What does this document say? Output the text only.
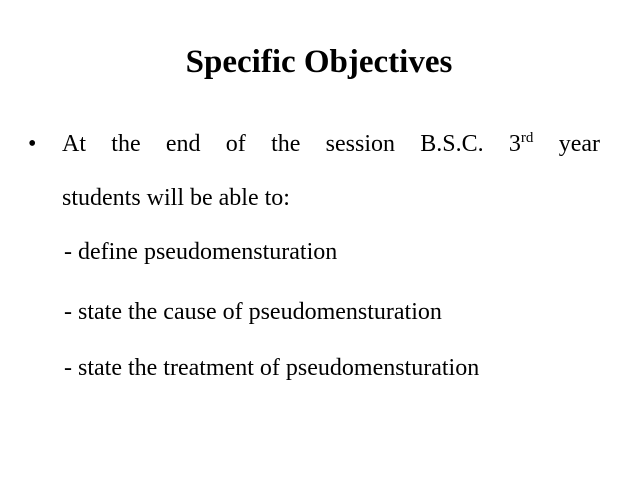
Specific Objectives
•	At the end of the session B.S.C. 3rd year
students will be able to:
- define pseudomensturation
- state the cause of pseudomensturation
- state the treatment of pseudomensturation
